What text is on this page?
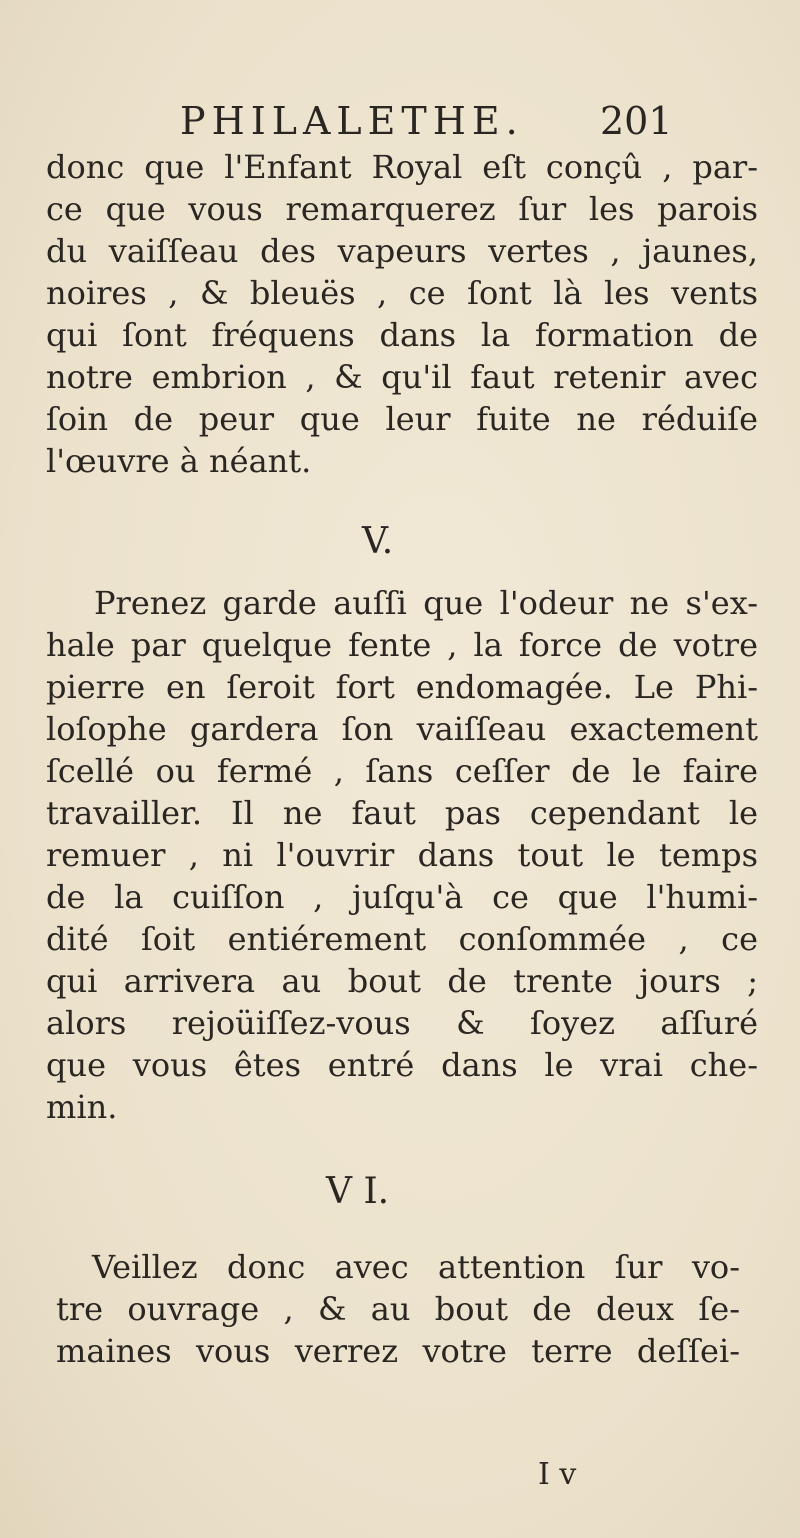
PHILALETHE.	201
donc que l'Enfant Royal eſt conçû , par-
ce que vous remarquerez ſur les parois
du vaiſſeau des vapeurs vertes , jaunes,
noires , & bleuës , ce ſont là les vents
qui ſont fréquens dans la formation de
notre embrion , & qu'il faut retenir avec
ſoin de peur que leur fuite ne réduiſe
l'œuvre à néant.
V.
Prenez garde auſſi que l'odeur ne s'ex-
hale par quelque fente , la force de votre
pierre en ſeroit fort endomagée. Le Phi-
loſophe gardera ſon vaiſſeau exactement
ſcellé ou fermé , ſans ceſſer de le faire
travailler. Il ne faut pas cependant le
remuer , ni l'ouvrir dans tout le temps
de la cuiſſon , juſqu'à ce que l'humi-
dité ſoit entiérement conſommée , ce
qui arrivera au bout de trente jours ;
alors rejoüiſſez-vous & ſoyez aſſuré
que vous êtes entré dans le vrai che-
min.
V I.
Veillez donc avec attention ſur vo-
tre ouvrage , & au bout de deux ſe-
maines vous verrez votre terre deſſei-
I v
